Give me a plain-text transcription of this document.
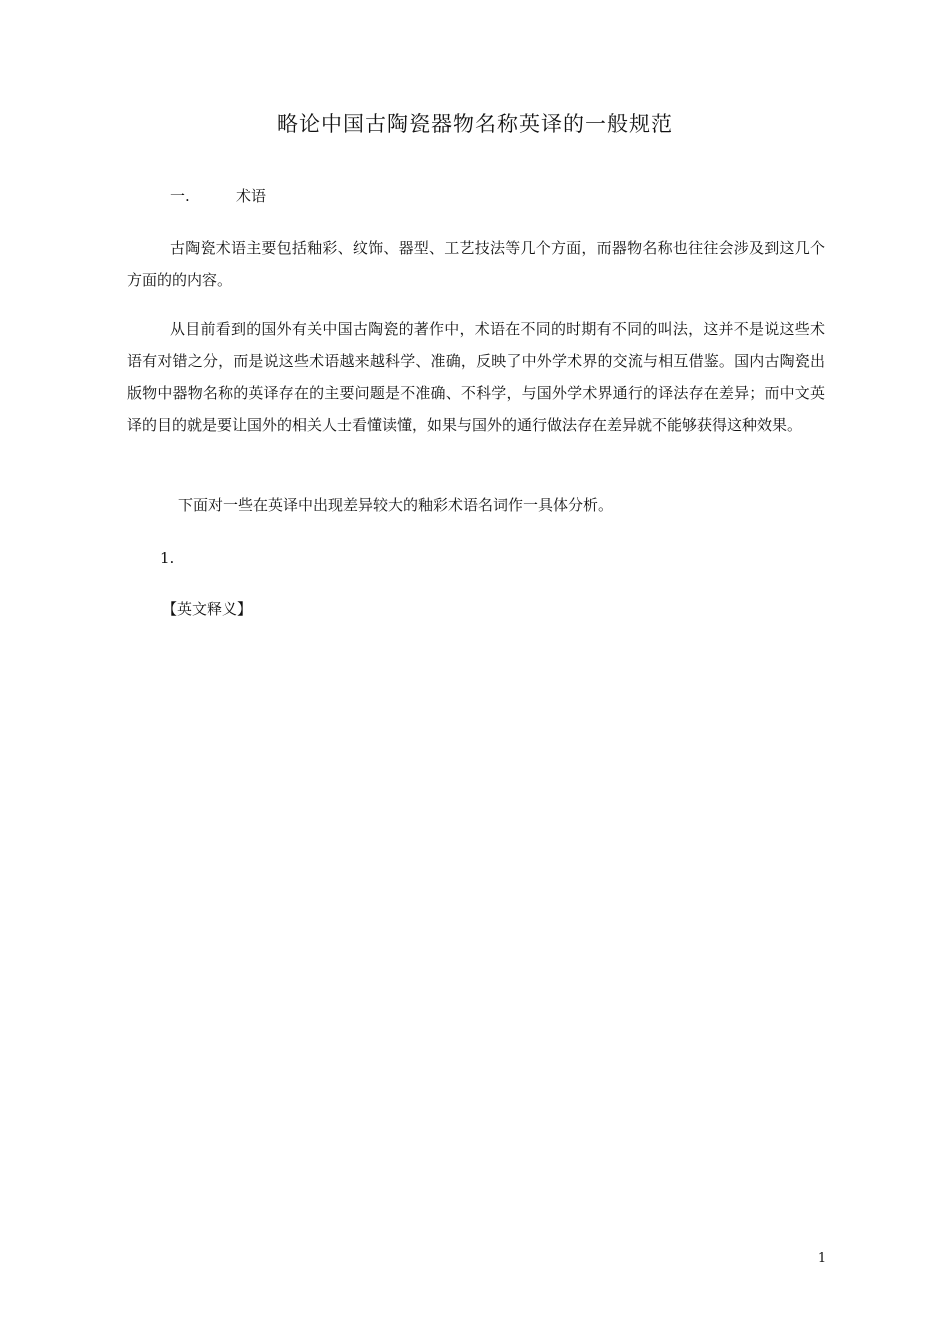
略论中国古陶瓷器物名称英译的一般规范
一.	术语

古陶瓷术语主要包括釉彩、纹饰、器型、工艺技法等几个方面，而器物名称也往往会涉及到这几个方面的的内容。

从目前看到的国外有关中国古陶瓷的著作中，术语在不同的时期有不同的叫法，这并不是说这些术语有对错之分，而是说这些术语越来越科学、准确，反映了中外学术界的交流与相互借鉴。国内古陶瓷出版物中器物名称的英译存在的主要问题是不准确、不科学，与国外学术界通行的译法存在差异；而中文英译的目的就是要让国外的相关人士看懂读懂，如果与国外的通行做法存在差异就不能够获得这种效果。

下面对一些在英译中出现差异较大的釉彩术语名词作一具体分析。

1.
【英文释义】
1
